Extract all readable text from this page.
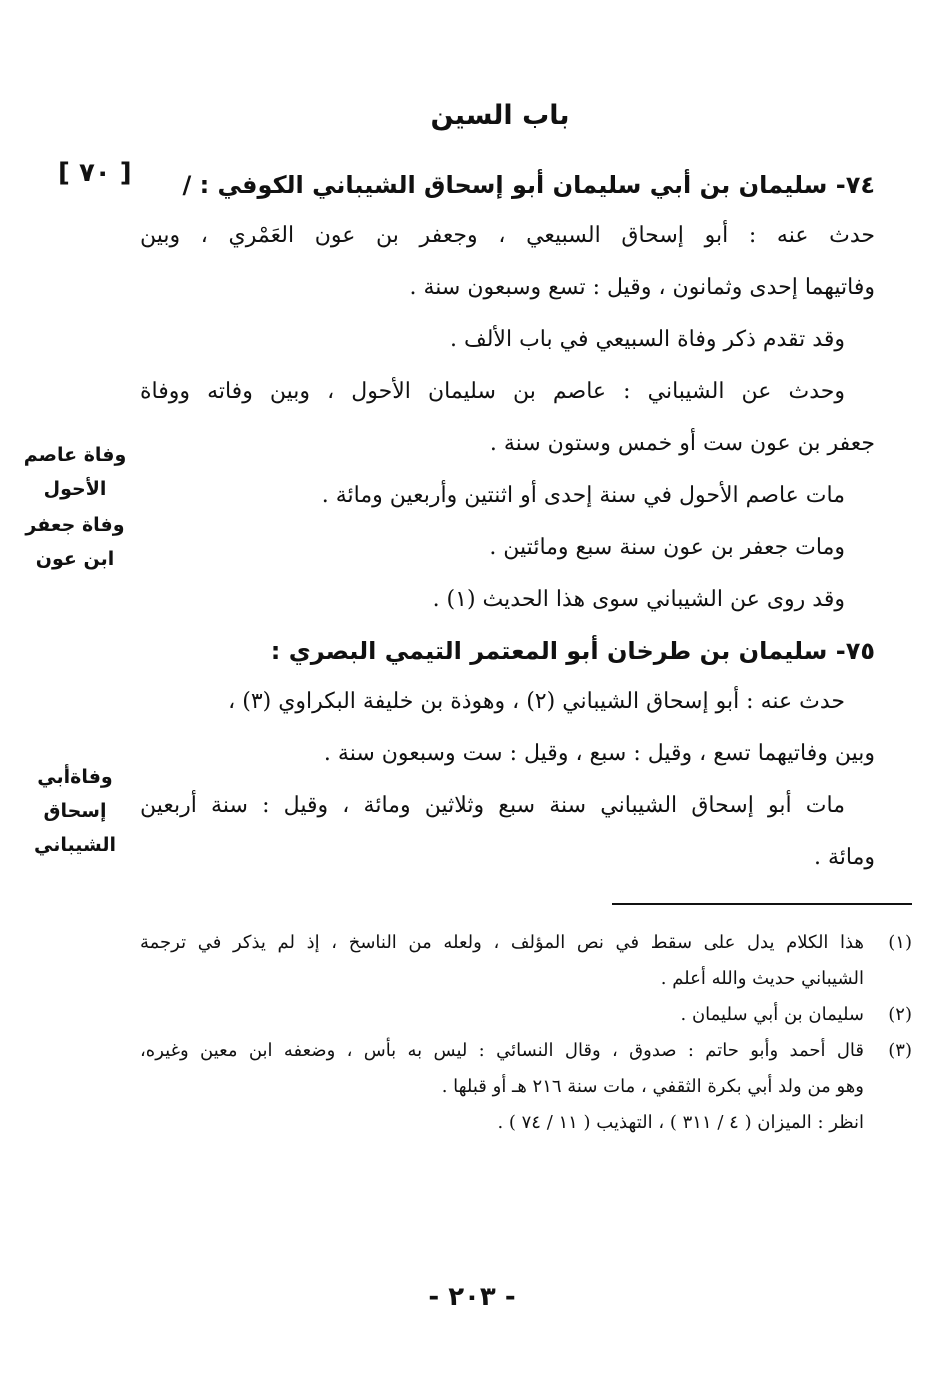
باب السين
[ ٧٠ ]	٧٤- سليمان بن أبي سليمان أبو إسحاق الشيباني الكوفي : /
حدث عنه : أبو إسحاق السبيعي ، وجعفر بن عون العَمْري ، وبين
وفاتيهما إحدى وثمانون ، وقيل : تسع وسبعون سنة .
وقد تقدم ذكر وفاة السبيعي في باب الألف .
وحدث عن الشيباني : عاصم بن سليمان الأحول ، وبين وفاته ووفاة
جعفر بن عون ست أو خمس وستون سنة .
مات عاصم الأحول في سنة إحدى أو اثنتين وأربعين ومائة .
ومات جعفر بن عون سنة سبع ومائتين .
وقد روى عن الشيباني سوى هذا الحديث (١) .
٧٥- سليمان بن طرخان أبو المعتمر التيمي البصري :
حدث عنه : أبو إسحاق الشيباني (٢) ، وهوذة بن خليفة البكراوي (٣) ،
وبين وفاتيهما تسع ، وقيل : سبع ، وقيل : ست وسبعون سنة .
مات أبو إسحاق الشيباني سنة سبع وثلاثين ومائة ، وقيل : سنة أربعين
ومائة .
وفاة عاصم الأحول
وفاة جعفر ابن عون
وفاةأبي إسحاق الشيباني
(١)
هذا الكلام يدل على سقط في نص المؤلف ، ولعله من الناسخ ، إذ لم يذكر في ترجمة
الشيباني حديث والله أعلم .
(٢)
سليمان بن أبي سليمان .
(٣)
قال أحمد وأبو حاتم : صدوق ، وقال النسائي : ليس به بأس ، وضعفه ابن معين وغيره،
وهو من ولد أبي بكرة الثقفي ، مات سنة ٢١٦ هـ أو قبلها .
انظر : الميزان ( ٤ / ٣١١ ) ، التهذيب ( ١١ / ٧٤ ) .
- ٢٠٣ -
